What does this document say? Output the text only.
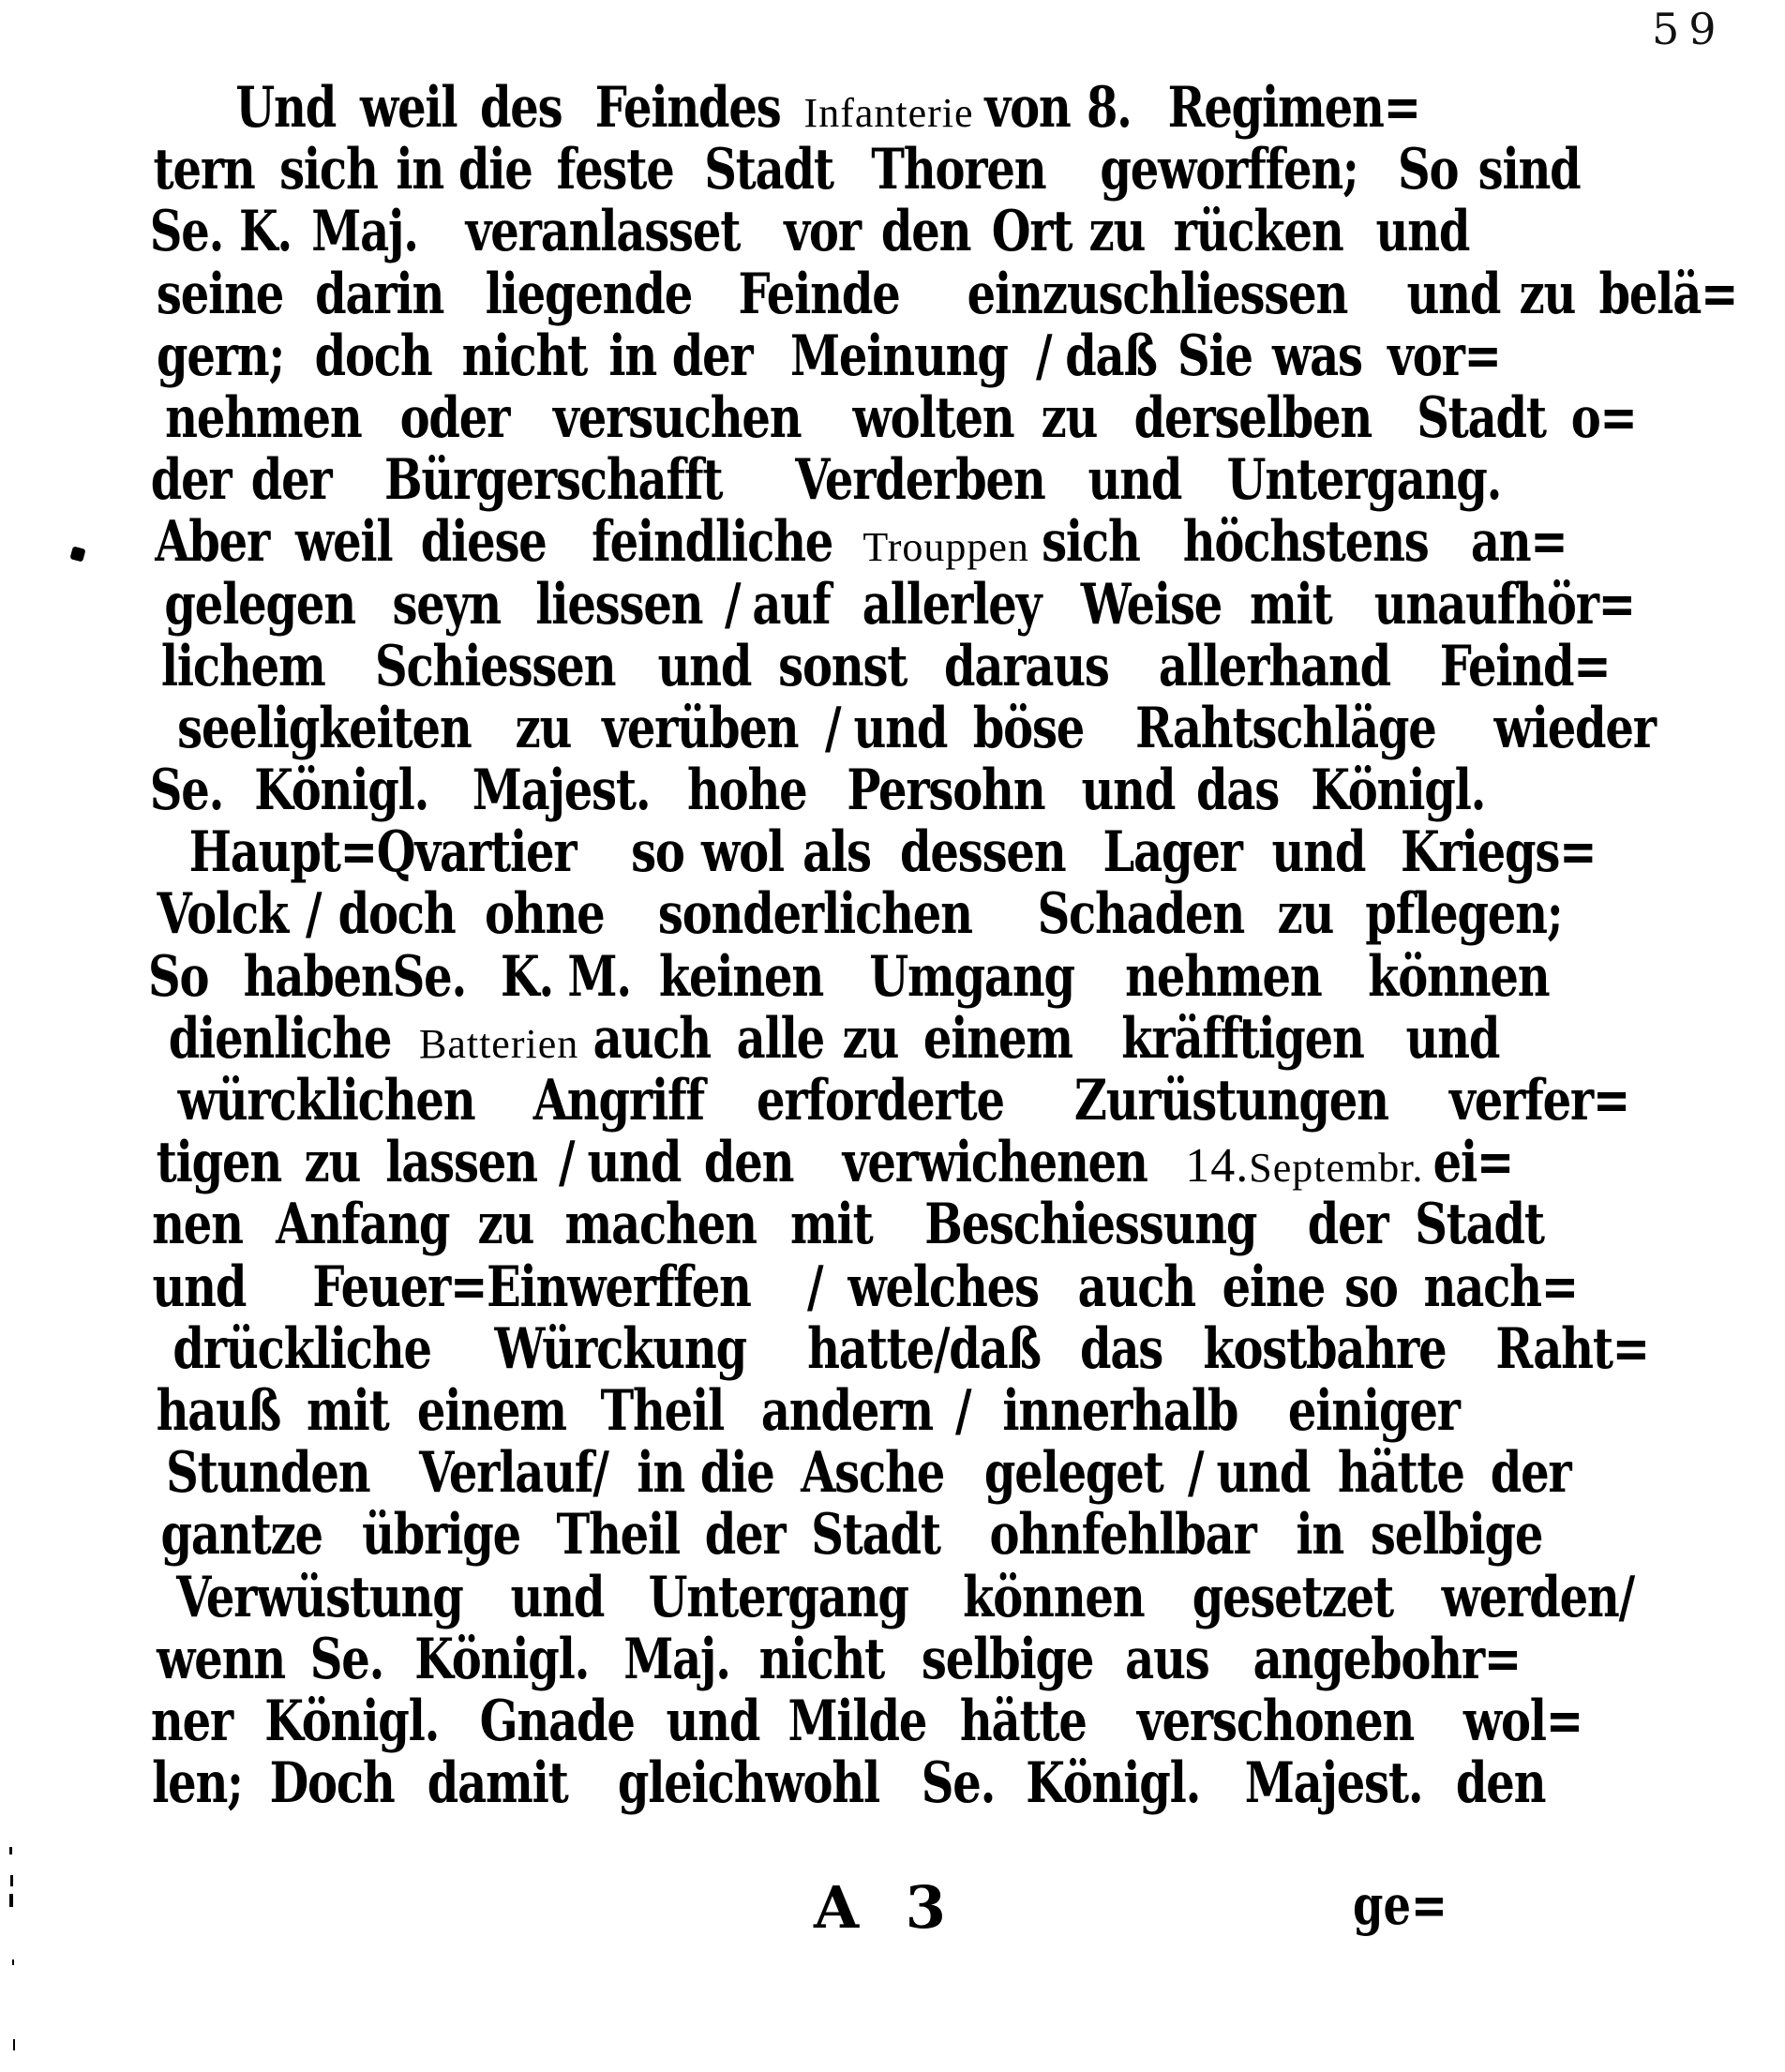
59
Und weil des Feindes Infanterie von 8. Regimen=
tern sich in die feste Stadt Thoren geworffen; So sind
Se. K. Maj. veranlasset vor den Ort zu rücken und
seine darin liegende Feinde einzuschliessen und zu belä=
gern; doch nicht in der Meinung / daß Sie was vor=
nehmen oder versuchen wolten zu derselben Stadt o=
der der Bürgerschafft Verderben und Untergang.
Aber weil diese feindliche Trouppen sich höchstens an=
gelegen seyn liessen / auf allerley Weise mit unaufhör=
lichem Schiessen und sonst daraus allerhand Feind=
seeligkeiten zu verüben / und böse Rahtschläge wieder
Se. Königl. Majest. hohe Persohn und das Königl.
Haupt=Qvartier so wol als dessen Lager und Kriegs=
Volck / doch ohne sonderlichen Schaden zu pflegen;
So habenSe. K. M. keinen Umgang nehmen können
dienliche Batterien auch alle zu einem kräfftigen und
würcklichen Angriff erforderte Zurüstungen verfer=
tigen zu lassen / und den verwichenen 14. Septembr. ei=
nen Anfang zu machen mit Beschiessung der Stadt
und Feuer=Einwerffen / welches auch eine so nach=
drückliche Würckung hatte/daß das kostbahre Raht=
hauß mit einem Theil andern / innerhalb einiger
Stunden Verlauf/ in die Asche geleget / und hätte der
gantze übrige Theil der Stadt ohnfehlbar in selbige
Verwüstung und Untergang können gesetzet werden/
wenn Se. Königl. Maj. nicht selbige aus angebohr=
ner Königl. Gnade und Milde hätte verschonen wol=
len; Doch damit gleichwohl Se. Königl. Majest. den
A 3	ge=
